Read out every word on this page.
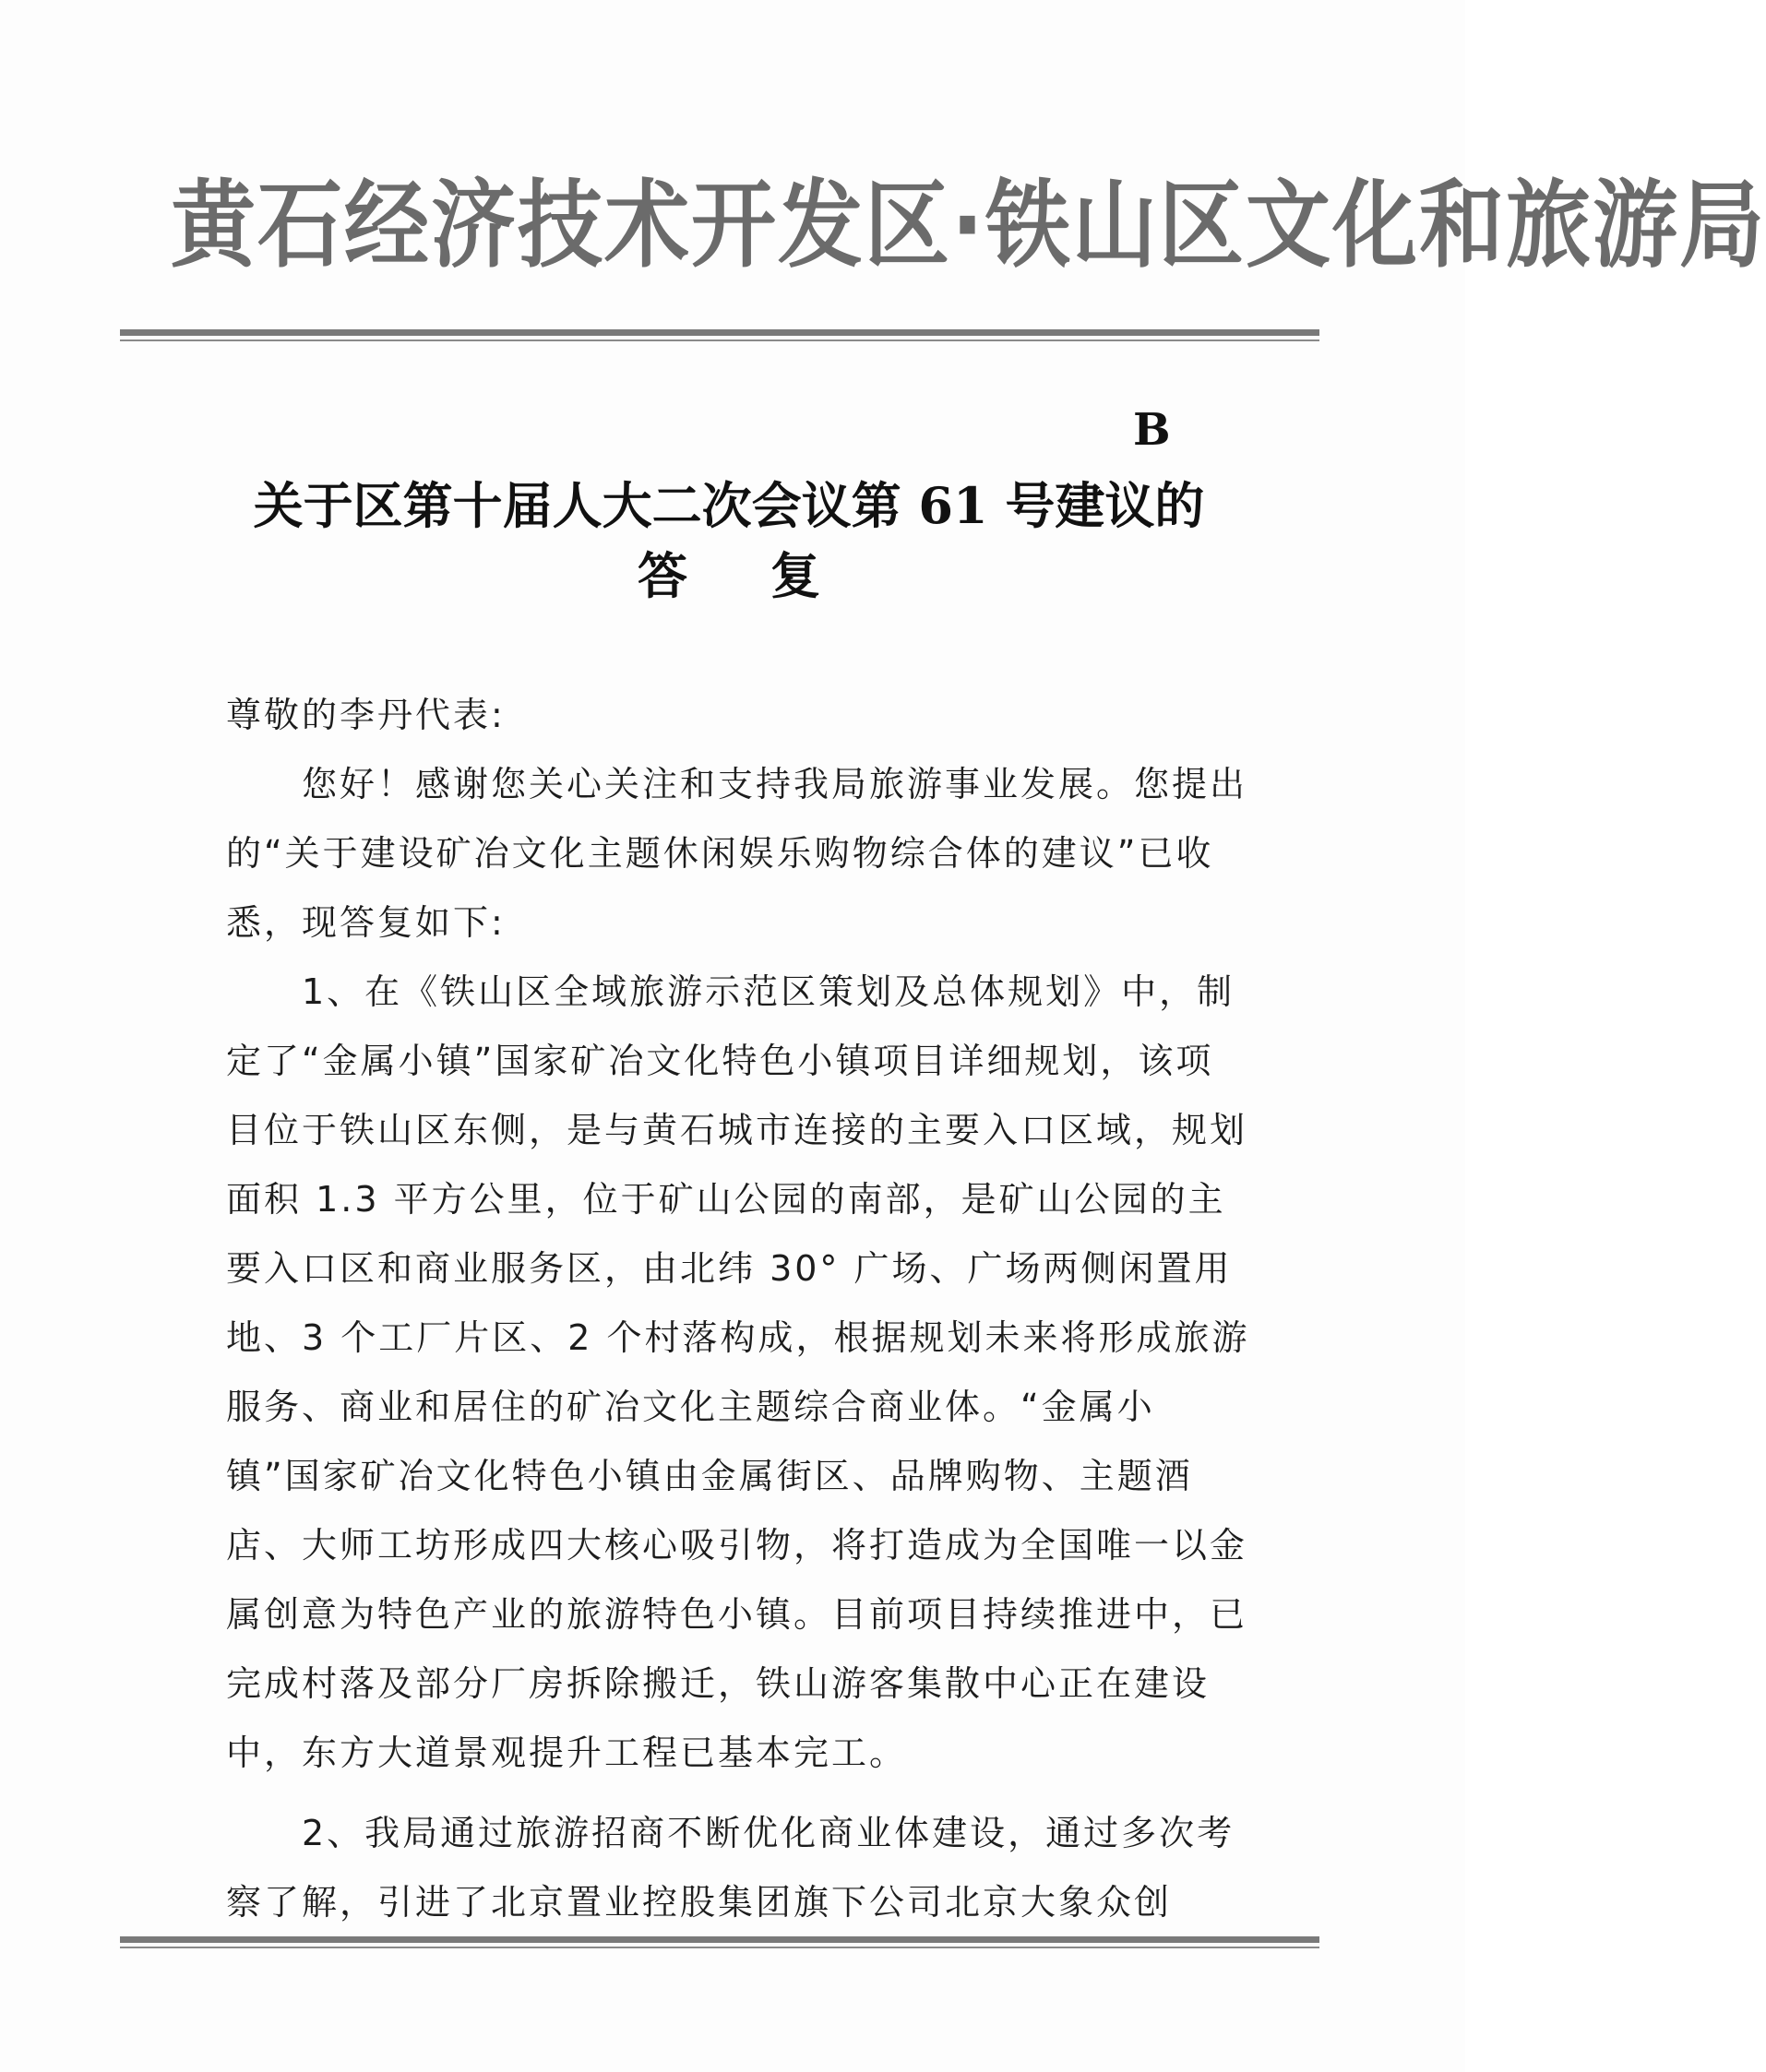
黄石经济技术开发区·铁山区文化和旅游局
B
关于区第十届人大二次会议第 61 号建议的
答复

尊敬的李丹代表:

您好！感谢您关心关注和支持我局旅游事业发展。您提出的“关于建设矿冶文化主题休闲娱乐购物综合体的建议”已收悉，现答复如下:

1、在《铁山区全域旅游示范区策划及总体规划》中，制定了“金属小镇”国家矿冶文化特色小镇项目详细规划，该项目位于铁山区东侧，是与黄石城市连接的主要入口区域，规划面积 1.3 平方公里，位于矿山公园的南部，是矿山公园的主要入口区和商业服务区，由北纬 30° 广场、广场两侧闲置用地、3 个工厂片区、2 个村落构成，根据规划未来将形成旅游服务、商业和居住的矿冶文化主题综合商业体。“金属小镇”国家矿冶文化特色小镇由金属街区、品牌购物、主题酒店、大师工坊形成四大核心吸引物，将打造成为全国唯一以金属创意为特色产业的旅游特色小镇。目前项目持续推进中，已完成村落及部分厂房拆除搬迁，铁山游客集散中心正在建设中，东方大道景观提升工程已基本完工。

2、我局通过旅游招商不断优化商业体建设，通过多次考察了解，引进了北京置业控股集团旗下公司北京大象众创
